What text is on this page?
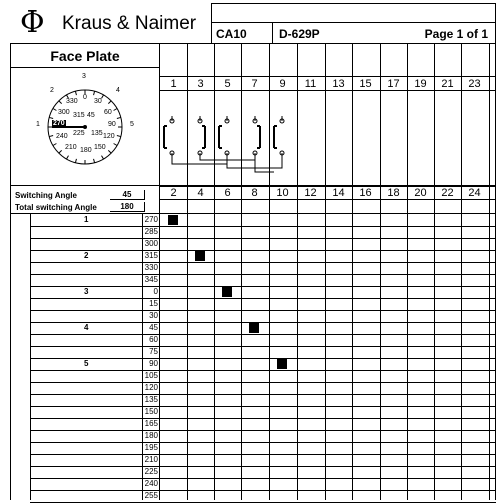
Φ Kraus & Naimer CA10	D-629P	Page 1 of 1
Face Plate
3
2	4
1	5
330
0
30
300 45 60
315
90
270
240 225 135 120
210 180 150
Switching Angle	45
Total switching Angle	180
1	3	5	7	9	11	13	15	17	19	21	23
2	4	6	8	10	12	14	16	18	20	22	24
1	270
285
300
2	315
330
345
3	0
15
30
4	45
60
75
5	90
105
120
135
150
165
180
195
210
225
240
255
